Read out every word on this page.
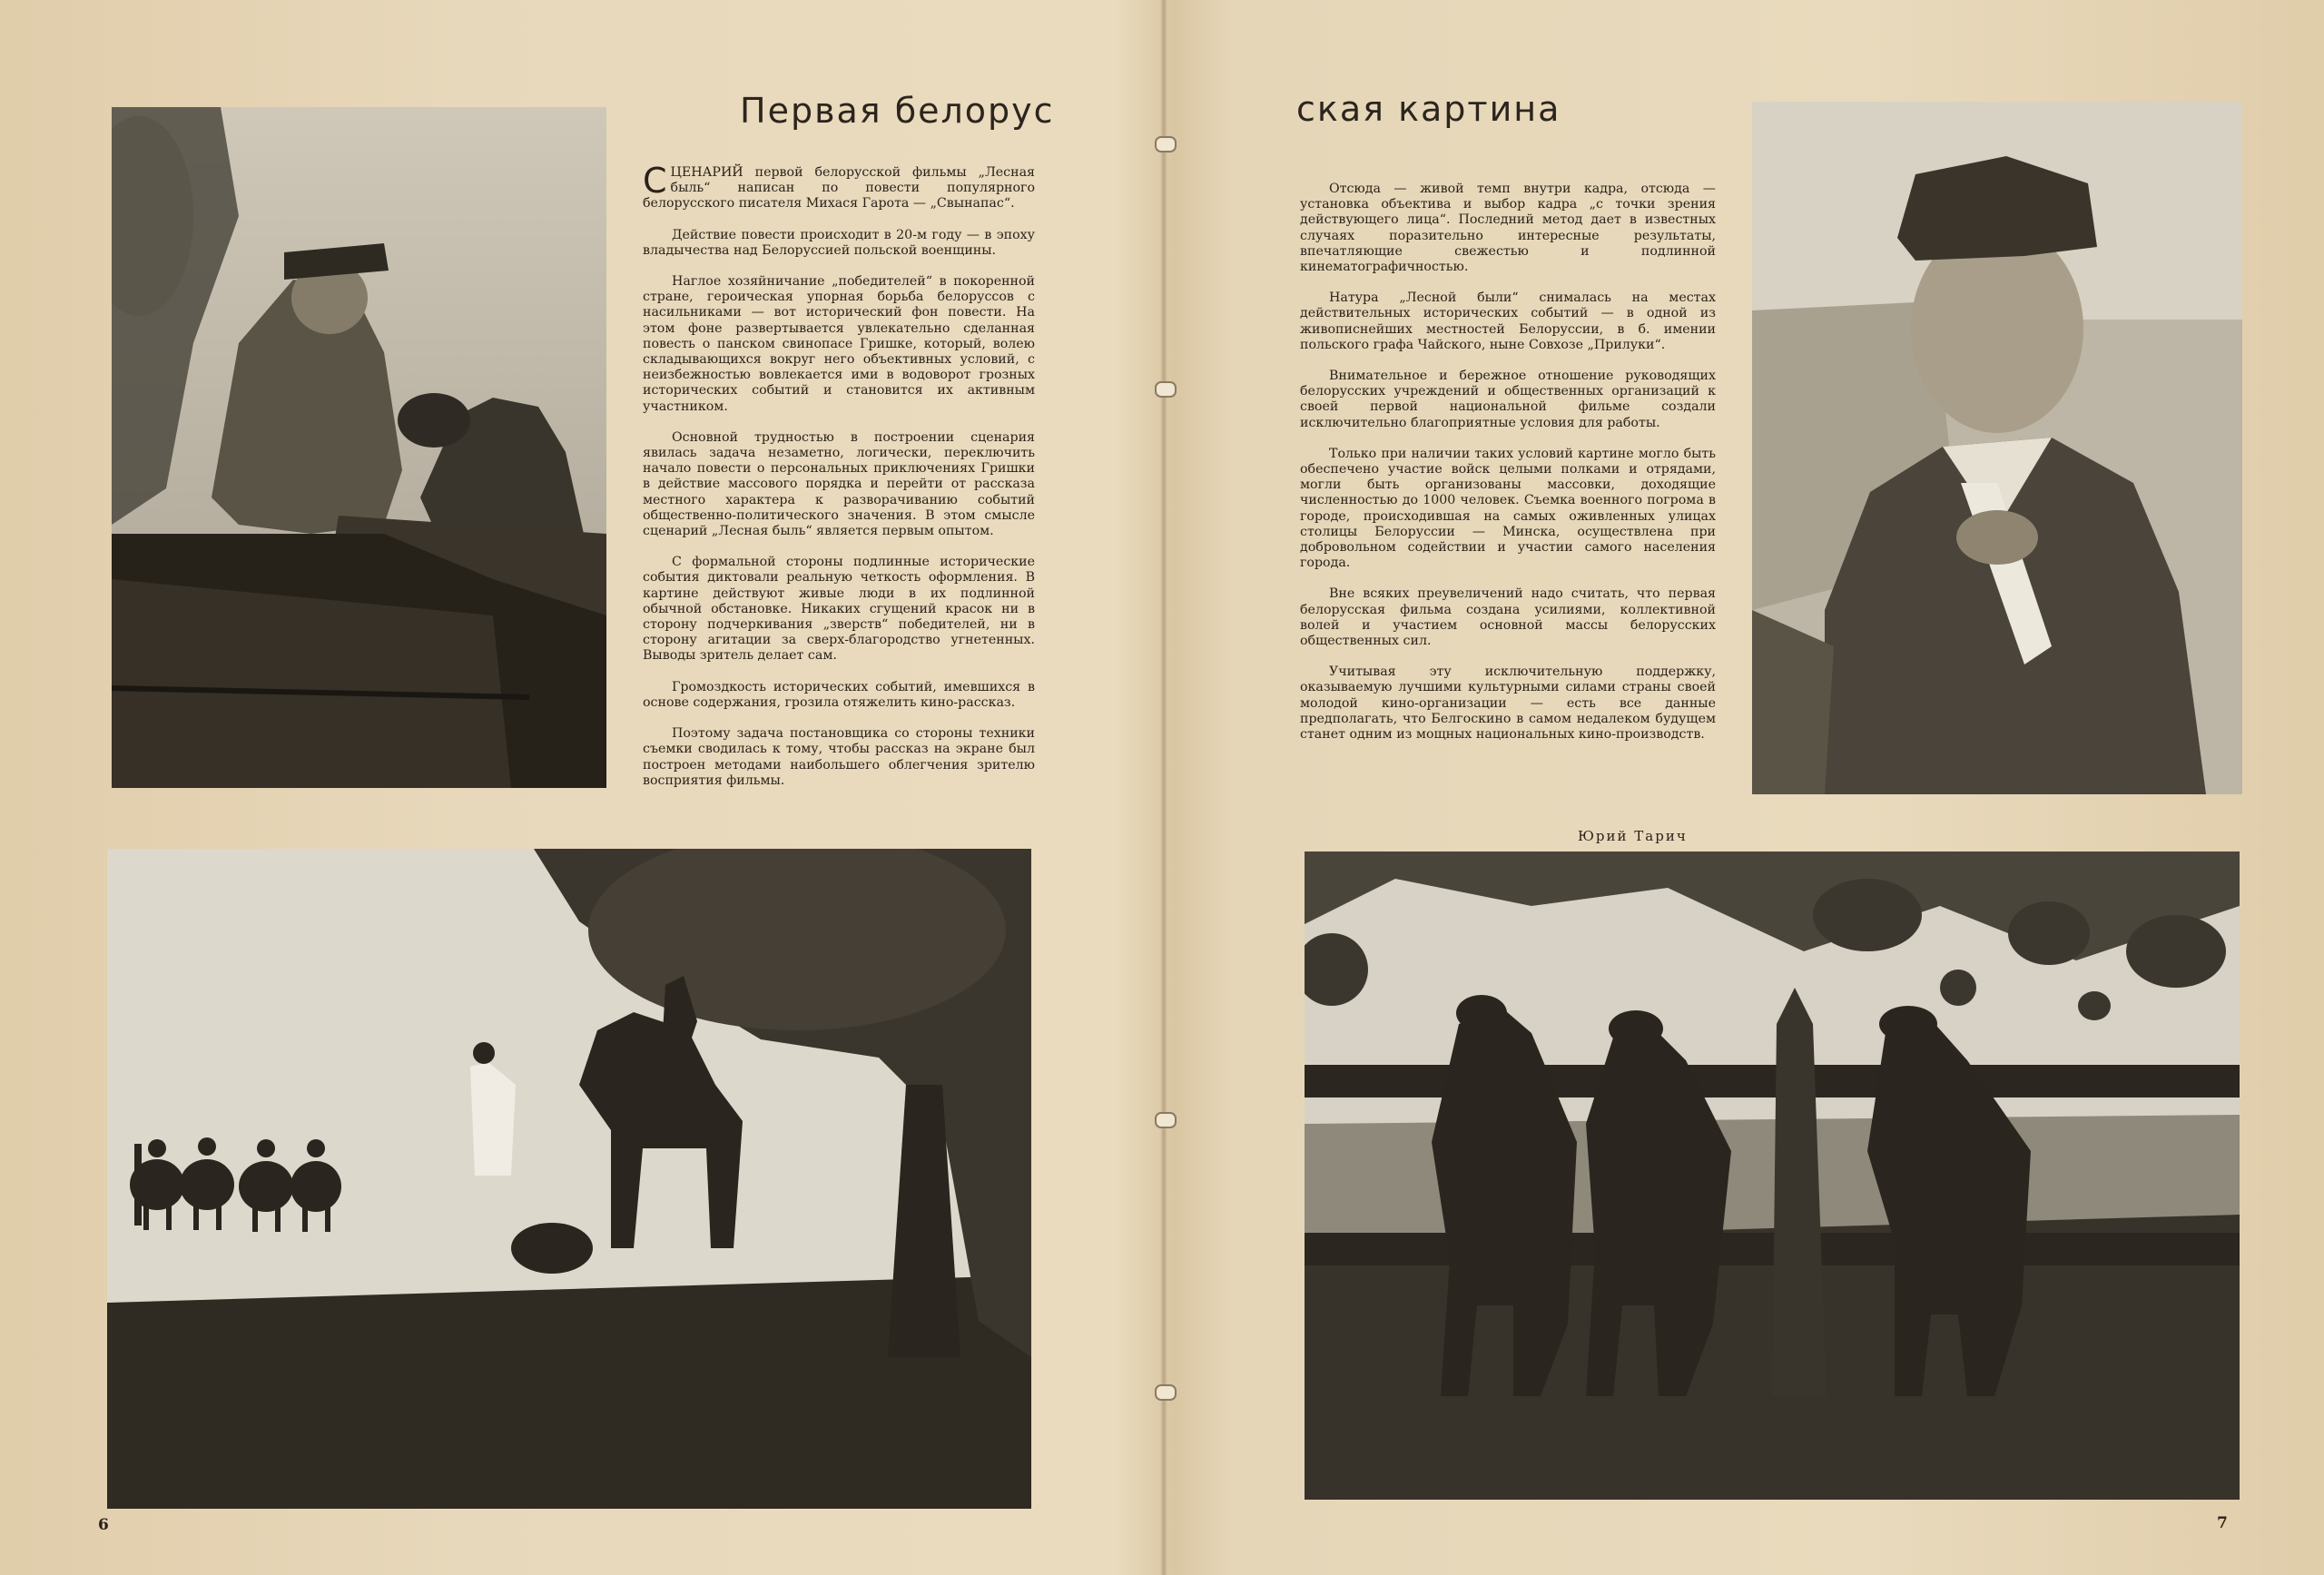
Первая белорус

СЦЕНАРИЙ первой белорусской фильмы „Лесная быль“ написан по повести популярного белорусского писателя Михася Гарота — „Свынапас“.

Действие повести происходит в 20-м году — в эпоху владычества над Белоруссией польской военщины.

Наглое хозяйничание „победителей“ в покоренной стране, героическая упорная борьба белоруссов с насильниками — вот исторический фон повести. На этом фоне развертывается увлекательно сделанная повесть о панском свинопасе Гришке, который, волею складывающихся вокруг него объективных условий, с неизбежностью вовлекается ими в водоворот грозных исторических событий и становится их активным участником.

Основной трудностью в построении сценария явилась задача незаметно, логически, переключить начало повести о персональных приключениях Гришки в действие массового порядка и перейти от рассказа местного характера к разворачиванию событий общественно-политического значения. В этом смысле сценарий „Лесная быль“ является первым опытом.

С формальной стороны подлинные исторические события диктовали реальную четкость оформления. В картине действуют живые люди в их подлинной обычной обстановке. Никаких сгущений красок ни в сторону подчеркивания „зверств“ победителей, ни в сторону агитации за сверх-благородство угнетенных. Выводы зритель делает сам.

Громоздкость исторических событий, имевшихся в основе содержания, грозила отяжелить кино-рассказ.

Поэтому задача постановщика со стороны техники съемки сводилась к тому, чтобы рассказ на экране был построен методами наибольшего облегчения зрителю восприятия фильмы.

6
ская картина

Отсюда — живой темп внутри кадра, отсюда — установка объектива и выбор кадра „с точки зрения действующего лица“. Последний метод дает в известных случаях поразительно интересные результаты, впечатляющие свежестью и подлинной кинематографичностью.

Натура „Лесной были“ снималась на местах действительных исторических событий — в одной из живописнейших местностей Белоруссии, в б. имении польского графа Чайского, ныне Совхозе „Прилуки“.

Внимательное и бережное отношение руководящих белорусских учреждений и общественных организаций к своей первой национальной фильме создали исключительно благоприятные условия для работы.

Только при наличии таких условий картине могло быть обеспечено участие войск целыми полками и отрядами, могли быть организованы массовки, доходящие численностью до 1000 человек. Съемка военного погрома в городе, происходившая на самых оживленных улицах столицы Белоруссии — Минска, осуществлена при добровольном содействии и участии самого населения города.

Вне всяких преувеличений надо считать, что первая белорусская фильма создана усилиями, коллективной волей и участием основной массы белорусских общественных сил.

Учитывая эту исключительную поддержку, оказываемую лучшими культурными силами страны своей молодой кино-организации — есть все данные предполагать, что Белгоскино в самом недалеком будущем станет одним из мощных национальных кино-производств.

Юрий Тарич
7
